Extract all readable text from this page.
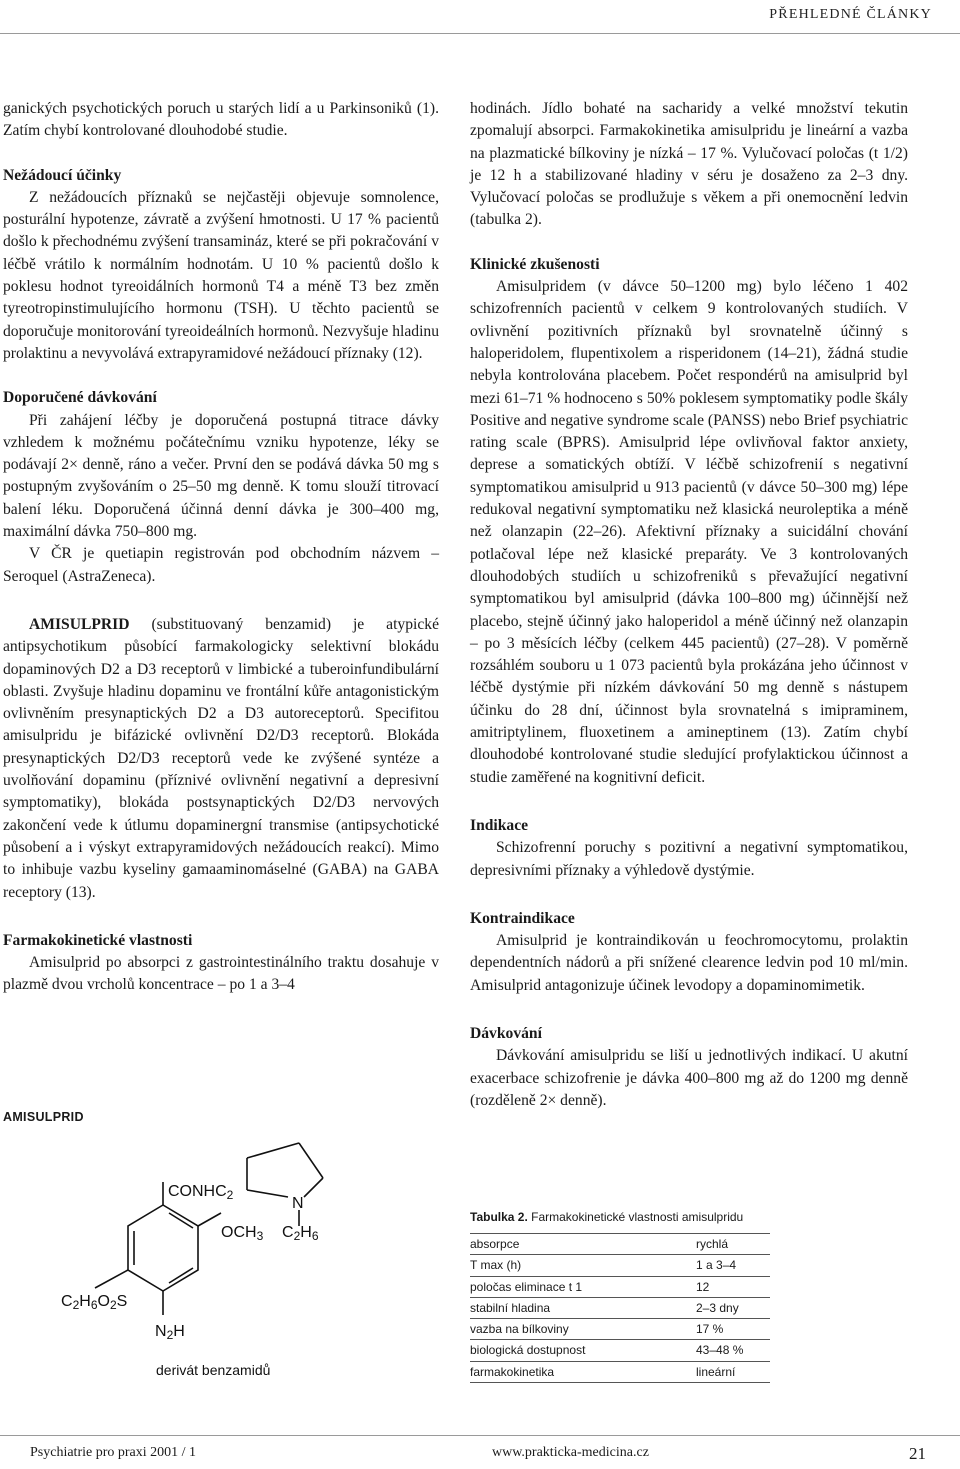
PŘEHLEDNÉ ČLÁNKY

ganických psychotických poruch u starých lidí a u Parkinsoniků (1). Zatím chybí kontrolované dlouhodobé studie.

Nežádoucí účinky

Z nežádoucích příznaků se nejčastěji objevuje somnolence, posturální hypotenze, závratě a zvýšení hmotnosti. U 17 % pacientů došlo k přechodnému zvýšení transamináz, které se při pokračování v léčbě vrátilo k normálním hodnotám. U 10 % pacientů došlo k poklesu hodnot tyreoidálních hormonů T4 a méně T3 bez změn tyreotropinstimulujícího hormonu (TSH). U těchto pacientů se doporučuje monitorování tyreoideálních hormonů. Nezvyšuje hladinu prolaktinu a nevyvolává extrapyramidové nežádoucí příznaky (12).

Doporučené dávkování

Při zahájení léčby je doporučená postupná titrace dávky vzhledem k možnému počátečnímu vzniku hypotenze, léky se podávají 2× denně, ráno a večer. První den se podává dávka 50 mg s postupným zvyšováním o 25–50 mg denně. K tomu slouží titrovací balení léku. Doporučená účinná denní dávka je 300–400 mg, maximální dávka 750–800 mg.

V ČR je quetiapin registrován pod obchodním názvem – Seroquel (AstraZeneca).

AMISULPRID (substituovaný benzamid) je atypické antipsychotikum působící farmakologicky selektivní blokádu dopaminových D2 a D3 receptorů v limbické a tuberoinfundibulární oblasti. Zvyšuje hladinu dopaminu ve frontální kůře antagonistickým ovlivněním presynaptických D2 a D3 autoreceptorů. Specifitou amisulpridu je bifázické ovlivnění D2/D3 receptorů. Blokáda presynaptických D2/D3 receptorů vede ke zvýšené syntéze a uvolňování dopaminu (příznivé ovlivnění negativní a depresivní symptomatiky), blokáda postsynaptických D2/D3 nervových zakončení vede k útlumu dopaminergní transmise (antipsychotické působení a i výskyt extrapyramidových nežádoucích reakcí). Mimo to inhibuje vazbu kyseliny gamaaminomáselné (GABA) na GABA receptory (13).

Farmakokinetické vlastnosti

Amisulprid po absorpci z gastrointestinálního traktu dosahuje v plazmě dvou vrcholů koncentrace – po 1 a 3–4

hodinách. Jídlo bohaté na sacharidy a velké množství tekutin zpomalují absorpci. Farmakokinetika amisulpridu je lineární a vazba na plazmatické bílkoviny je nízká – 17 %. Vylučovací poločas (t 1/2) je 12 h a stabilizované hladiny v séru je dosaženo za 2–3 dny. Vylučovací poločas se prodlužuje s věkem a při onemocnění ledvin (tabulka 2).

Klinické zkušenosti

Amisulpridem (v dávce 50–1200 mg) bylo léčeno 1 402 schizofrenních pacientů v celkem 9 kontrolovaných studiích. V ovlivnění pozitivních příznaků byl srovnatelně účinný s haloperidolem, flupentixolem a risperidonem (14–21), žádná studie nebyla kontrolována placebem. Počet respondérů na amisulprid byl mezi 61–71 % hodnoceno s 50% poklesem symptomatiky podle škály Positive and negative syndrome scale (PANSS) nebo Brief psychiatric rating scale (BPRS). Amisulprid lépe ovlivňoval faktor anxiety, deprese a somatických obtíží. V léčbě schizofrenií s negativní symptomatikou amisulprid u 913 pacientů (v dávce 50–300 mg) lépe redukoval negativní symptomatiku než klasická neuroleptika a méně než olanzapin (22–26). Afektivní příznaky a suicidální chování potlačoval lépe než klasické preparáty. Ve 3 kontrolovaných dlouhodobých studiích u schizofreniků s převažující negativní symptomatikou byl amisulprid (dávka 100–800 mg) účinnější než placebo, stejně účinný jako haloperidol a méně účinný než olanzapin – po 3 měsících léčby (celkem 445 pacientů) (27–28). V poměrně rozsáhlém souboru u 1 073 pacientů byla prokázána jeho účinnost v léčbě dystýmie při nízkém dávkování 50 mg denně s nástupem účinku do 28 dní, účinnost byla srovnatelná s imipraminem, amitriptylinem, fluoxetinem a amineptinem (13). Zatím chybí dlouhodobé kontrolované studie sledující profylaktickou účinnost a studie zaměřené na kognitivní deficit.

Indikace

Schizofrenní poruchy s pozitivní a negativní symptomatikou, depresivními příznaky a výhledově dystýmie.

Kontraindikace

Amisulprid je kontraindikován u feochromocytomu, prolaktin dependentních nádorů a při snížené clearence ledvin pod 10 ml/min. Amisulprid antagonizuje účinek levodopy a dopaminomimetik.

Dávkování

Dávkování amisulpridu se liší u jednotlivých indikací. U akutní exacerbace schizofrenie je dávka 400–800 mg až do 1200 mg denně (rozděleně 2× denně).

AMISULPRID
CONHC2	N
OCH3 C2H6
C2H6O2S
N2H
derivát benzamidů
Tabulka 2. Farmakokinetické vlastnosti amisulpridu
absorpce	rychlá
T max (h)	1 a 3–4
poločas eliminace t 1	12
stabilní hladina	2–3 dny
vazba na bílkoviny	17 %
biologická dostupnost	43–48 %
farmakokinetika	lineární
Psychiatrie pro praxi 2001 / 1	www.prakticka-medicina.cz	21
